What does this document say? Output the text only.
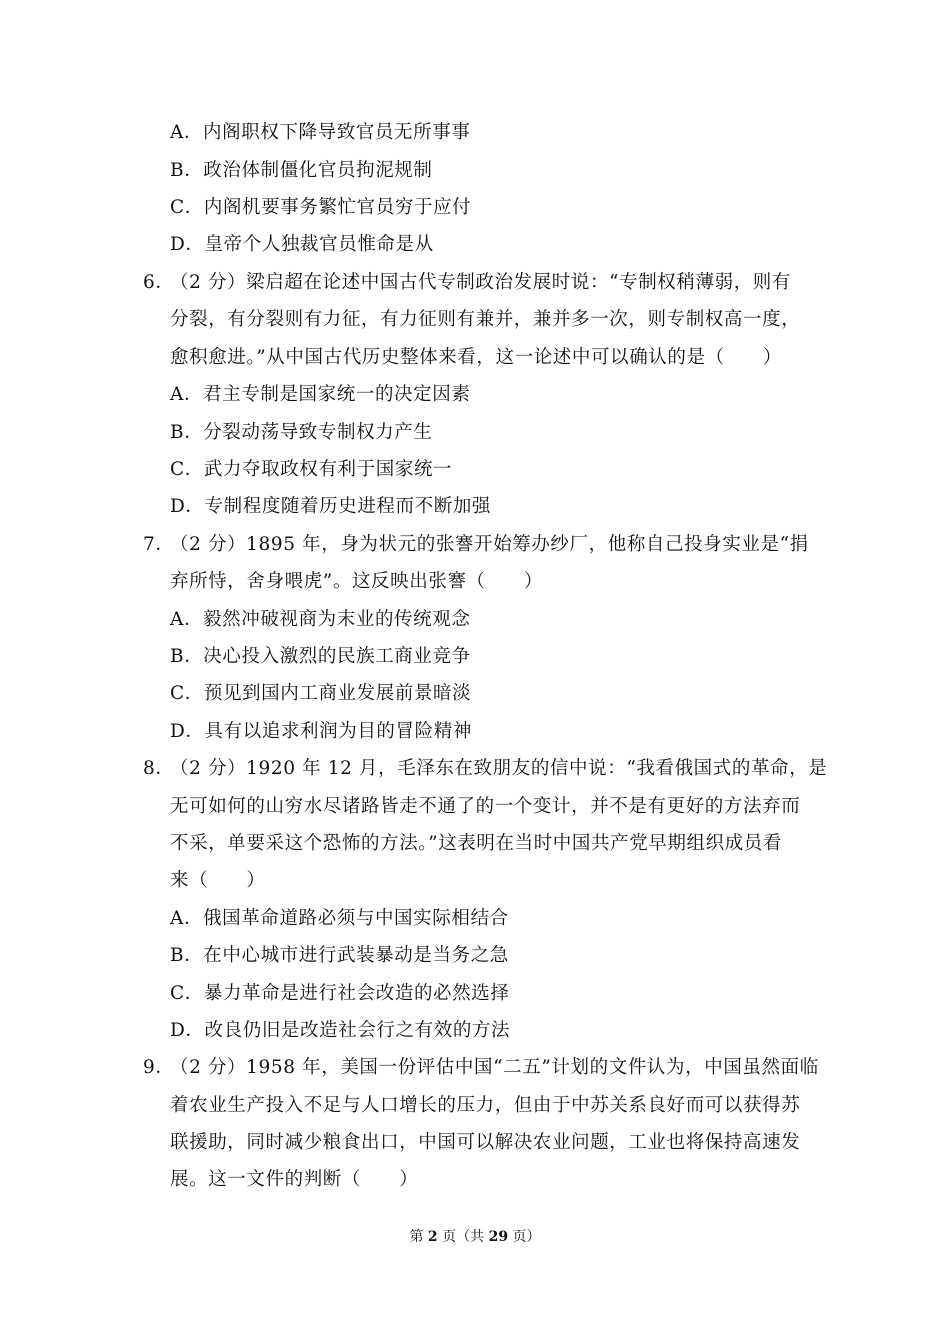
A．内阁职权下降导致官员无所事事
B．政治体制僵化官员拘泥规制
C．内阁机要事务繁忙官员穷于应付
D．皇帝个人独裁官员惟命是从
6．
（2 分）梁启超在论述中国古代专制政治发展时说：“专制权稍薄弱，则有
分裂，有分裂则有力征，有力征则有兼并，兼并多一次，则专制权高一度，
愈积愈进。”从中国古代历史整体来看，这一论述中可以确认的是（　　）
A．君主专制是国家统一的决定因素
B．分裂动荡导致专制权力产生
C．武力夺取政权有利于国家统一
D．专制程度随着历史进程而不断加强
7．
（2 分）1895 年，身为状元的张謇开始筹办纱厂，他称自己投身实业是“捐
弃所恃，舍身喂虎”。这反映出张謇（　　）
A．毅然冲破视商为末业的传统观念
B．决心投入激烈的民族工商业竞争
C．预见到国内工商业发展前景暗淡
D．具有以追求利润为目的冒险精神
8．
（2 分）1920 年 12 月，毛泽东在致朋友的信中说：“我看俄国式的革命，是
无可如何的山穷水尽诸路皆走不通了的一个变计，并不是有更好的方法弃而
不采，单要采这个恐怖的方法。”这表明在当时中国共产党早期组织成员看
来（　　）
A．俄国革命道路必须与中国实际相结合
B．在中心城市进行武装暴动是当务之急
C．暴力革命是进行社会改造的必然选择
D．改良仍旧是改造社会行之有效的方法
9．
（2 分）1958 年，美国一份评估中国“二五”计划的文件认为，中国虽然面临
着农业生产投入不足与人口增长的压力，但由于中苏关系良好而可以获得苏
联援助，同时减少粮食出口，中国可以解决农业问题，工业也将保持高速发
展。这一文件的判断（　　）
第 2 页（共 29 页）
